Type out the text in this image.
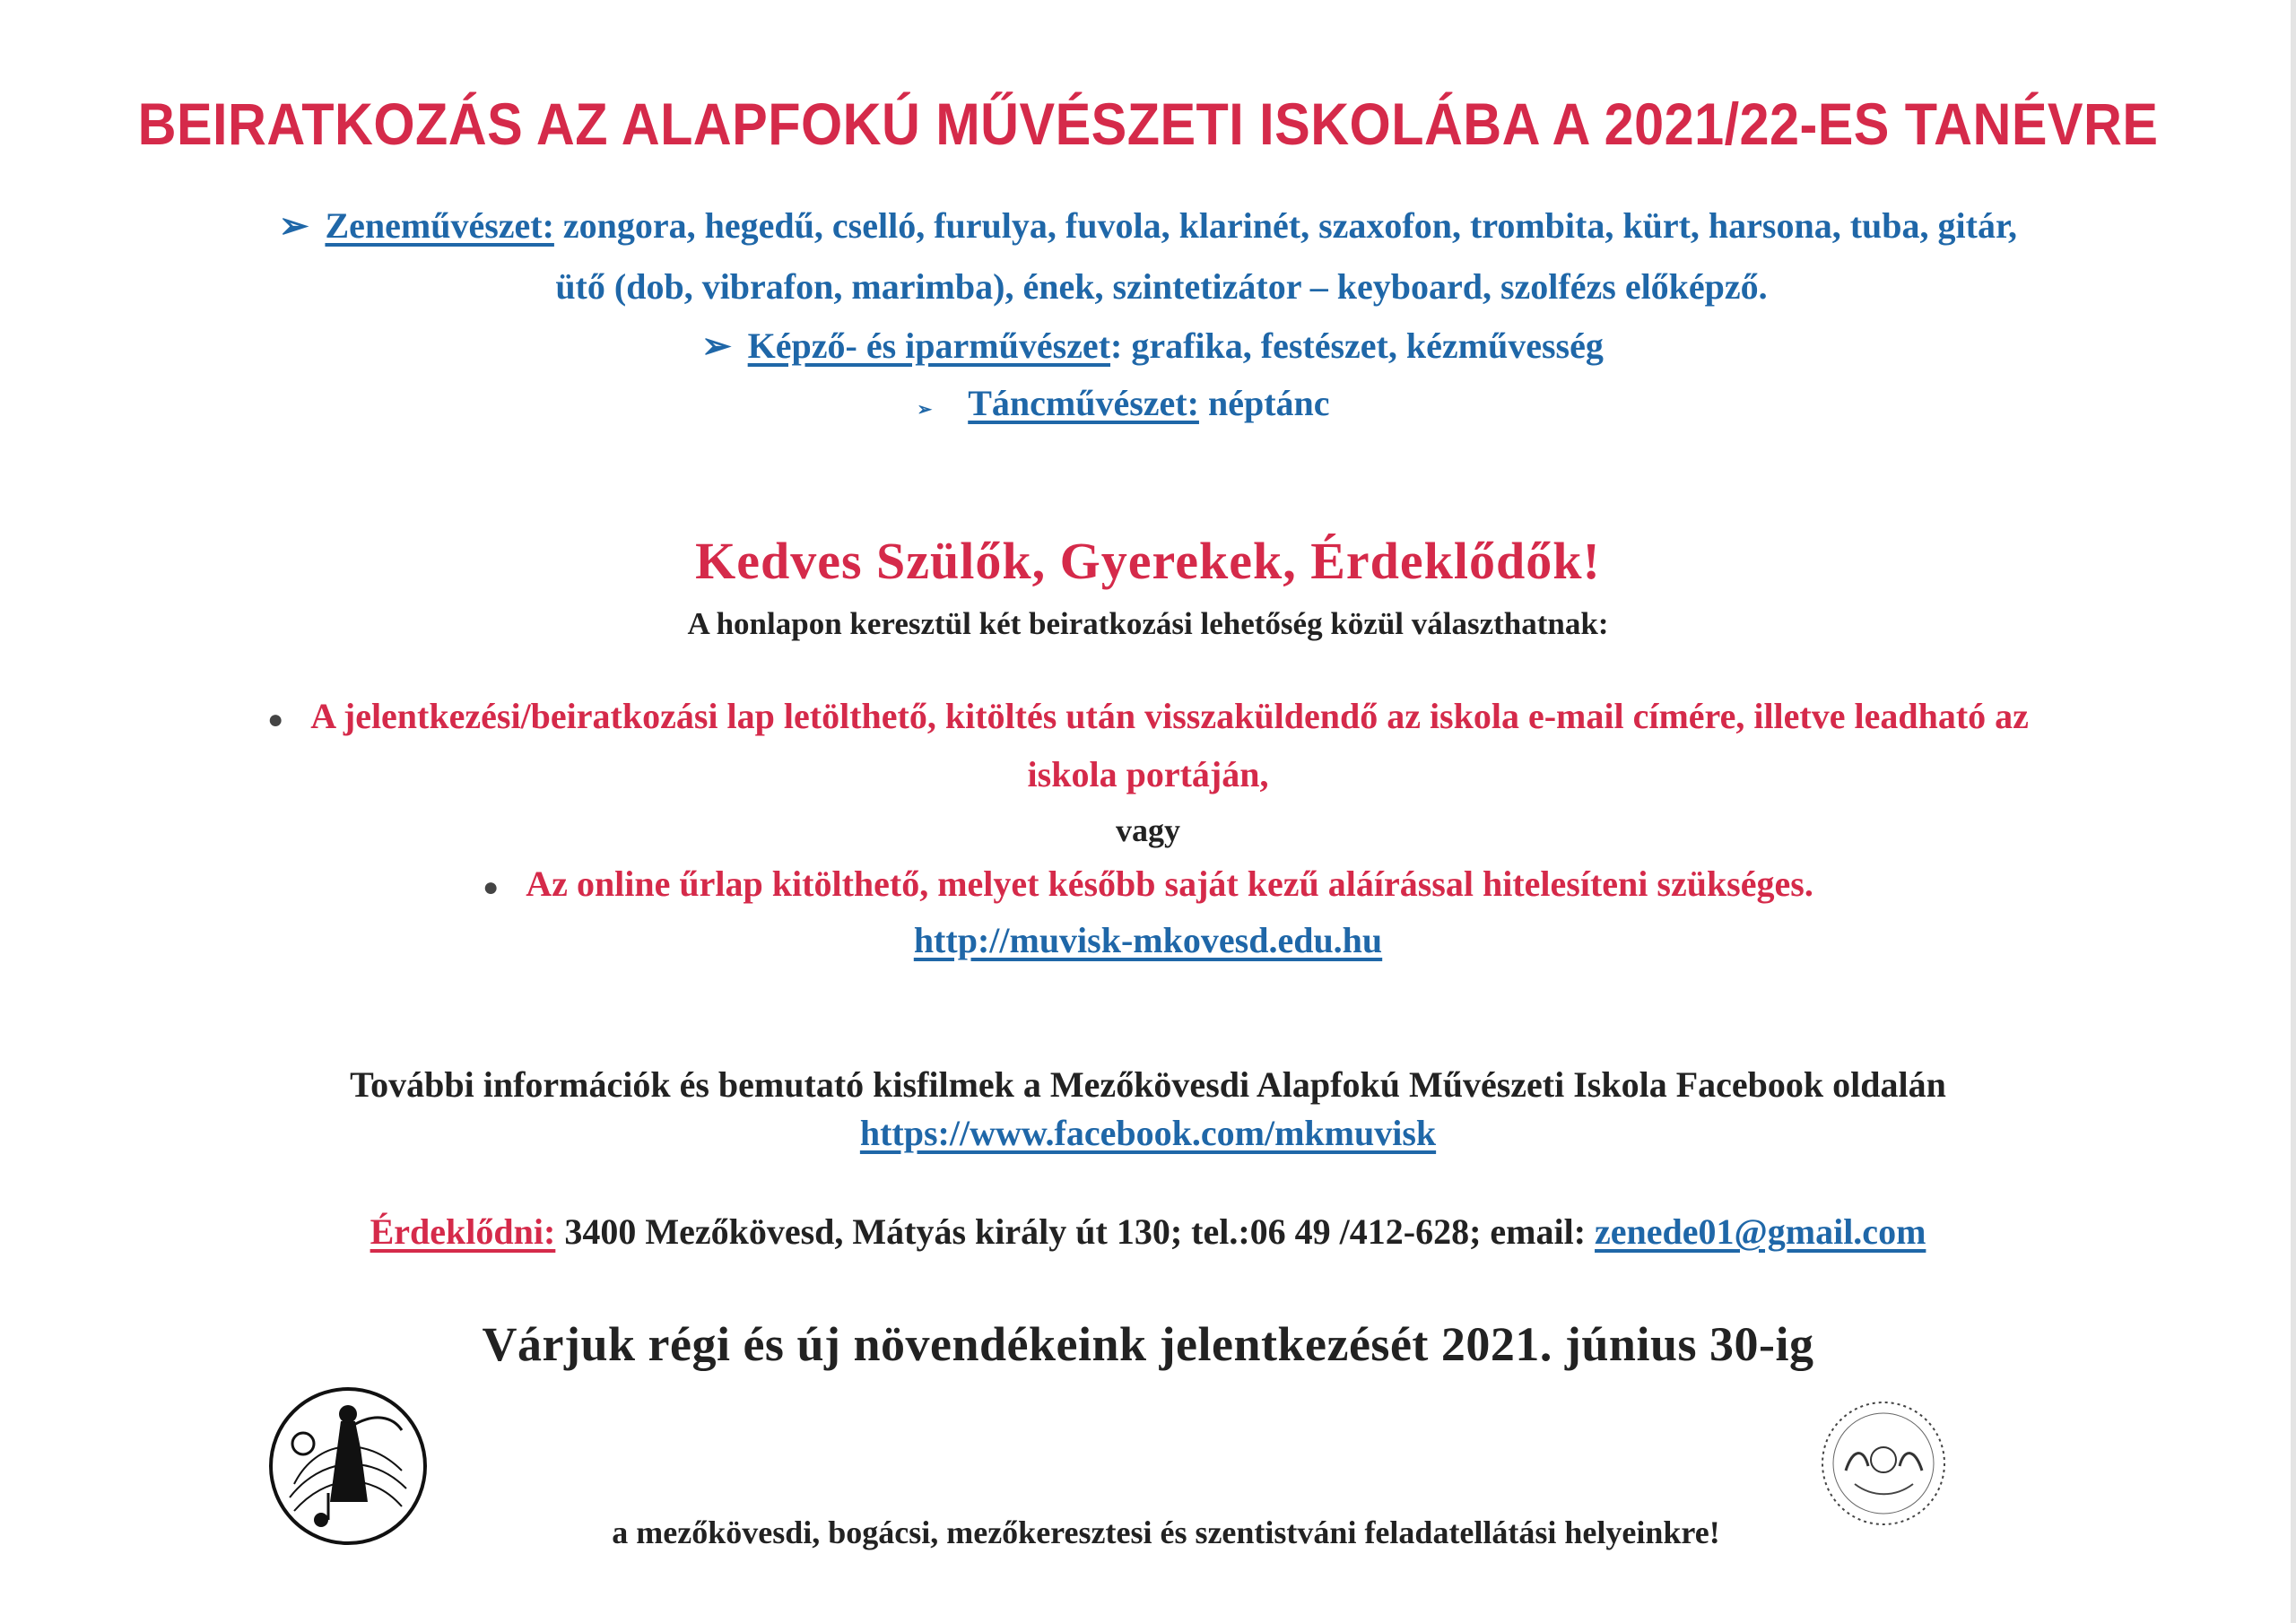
BEIRATKOZÁS AZ ALAPFOKÚ MŰVÉSZETI ISKOLÁBA A 2021/22-ES TANÉVRE
➢ Zeneművészet: zongora, hegedű, cselló, furulya, fuvola, klarinét, szaxofon, trombita, kürt, harsona, tuba, gitár,
ütő (dob, vibrafon, marimba), ének, szintetizátor – keyboard, szolfézs előképző.
➢ Képző- és iparművészet: grafika, festészet, kézművesség
➢ Táncművészet: néptánc
Kedves Szülők, Gyerekek, Érdeklődők!
A honlapon keresztül két beiratkozási lehetőség közül választhatnak:
● A jelentkezési/beiratkozási lap letölthető, kitöltés után visszaküldendő az iskola e-mail címére, illetve leadható az
iskola portáján,
vagy
● Az online űrlap kitölthető, melyet később saját kezű aláírással hitelesíteni szükséges.
http://muvisk-mkovesd.edu.hu
További információk és bemutató kisfilmek a Mezőkövesdi Alapfokú Művészeti Iskola Facebook oldalán
https://www.facebook.com/mkmuvisk
Érdeklődni: 3400 Mezőkövesd, Mátyás király út 130; tel.:06 49 /412-628; email: zenede01@gmail.com
Várjuk régi és új növendékeink jelentkezését 2021. június 30-ig
a mezőkövesdi, bogácsi, mezőkeresztesi és szentistváni feladatellátási helyeinkre!
